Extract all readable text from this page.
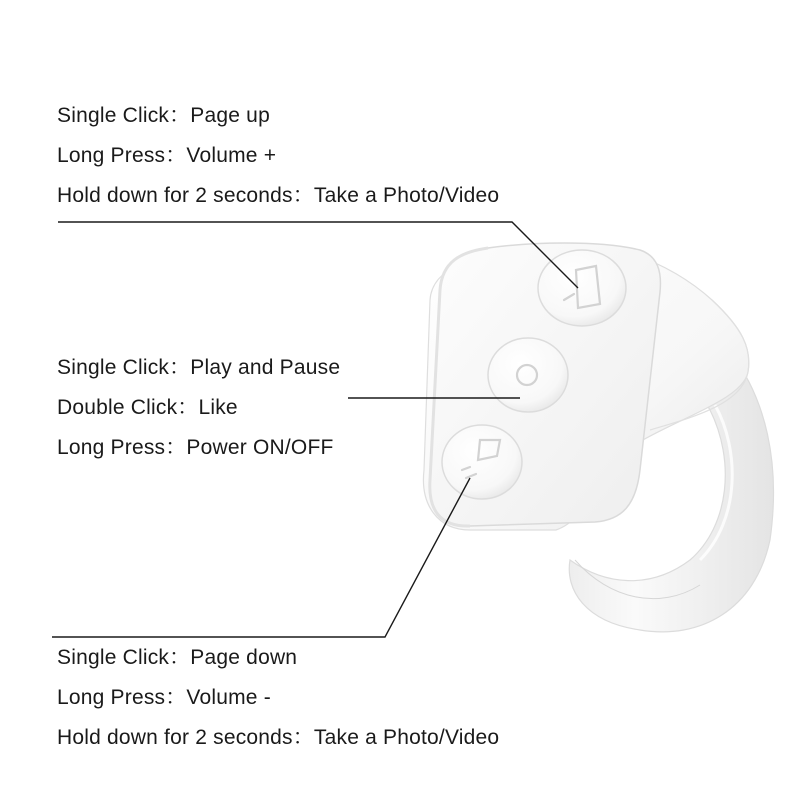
Single Click：Page up
Long Press：Volume +
Hold down for 2 seconds：Take a Photo/Video
Single Click：Play and Pause
Double Click：Like
Long Press：Power ON/OFF
Single Click：Page down
Long Press：Volume -
Hold down for 2 seconds：Take a Photo/Video
